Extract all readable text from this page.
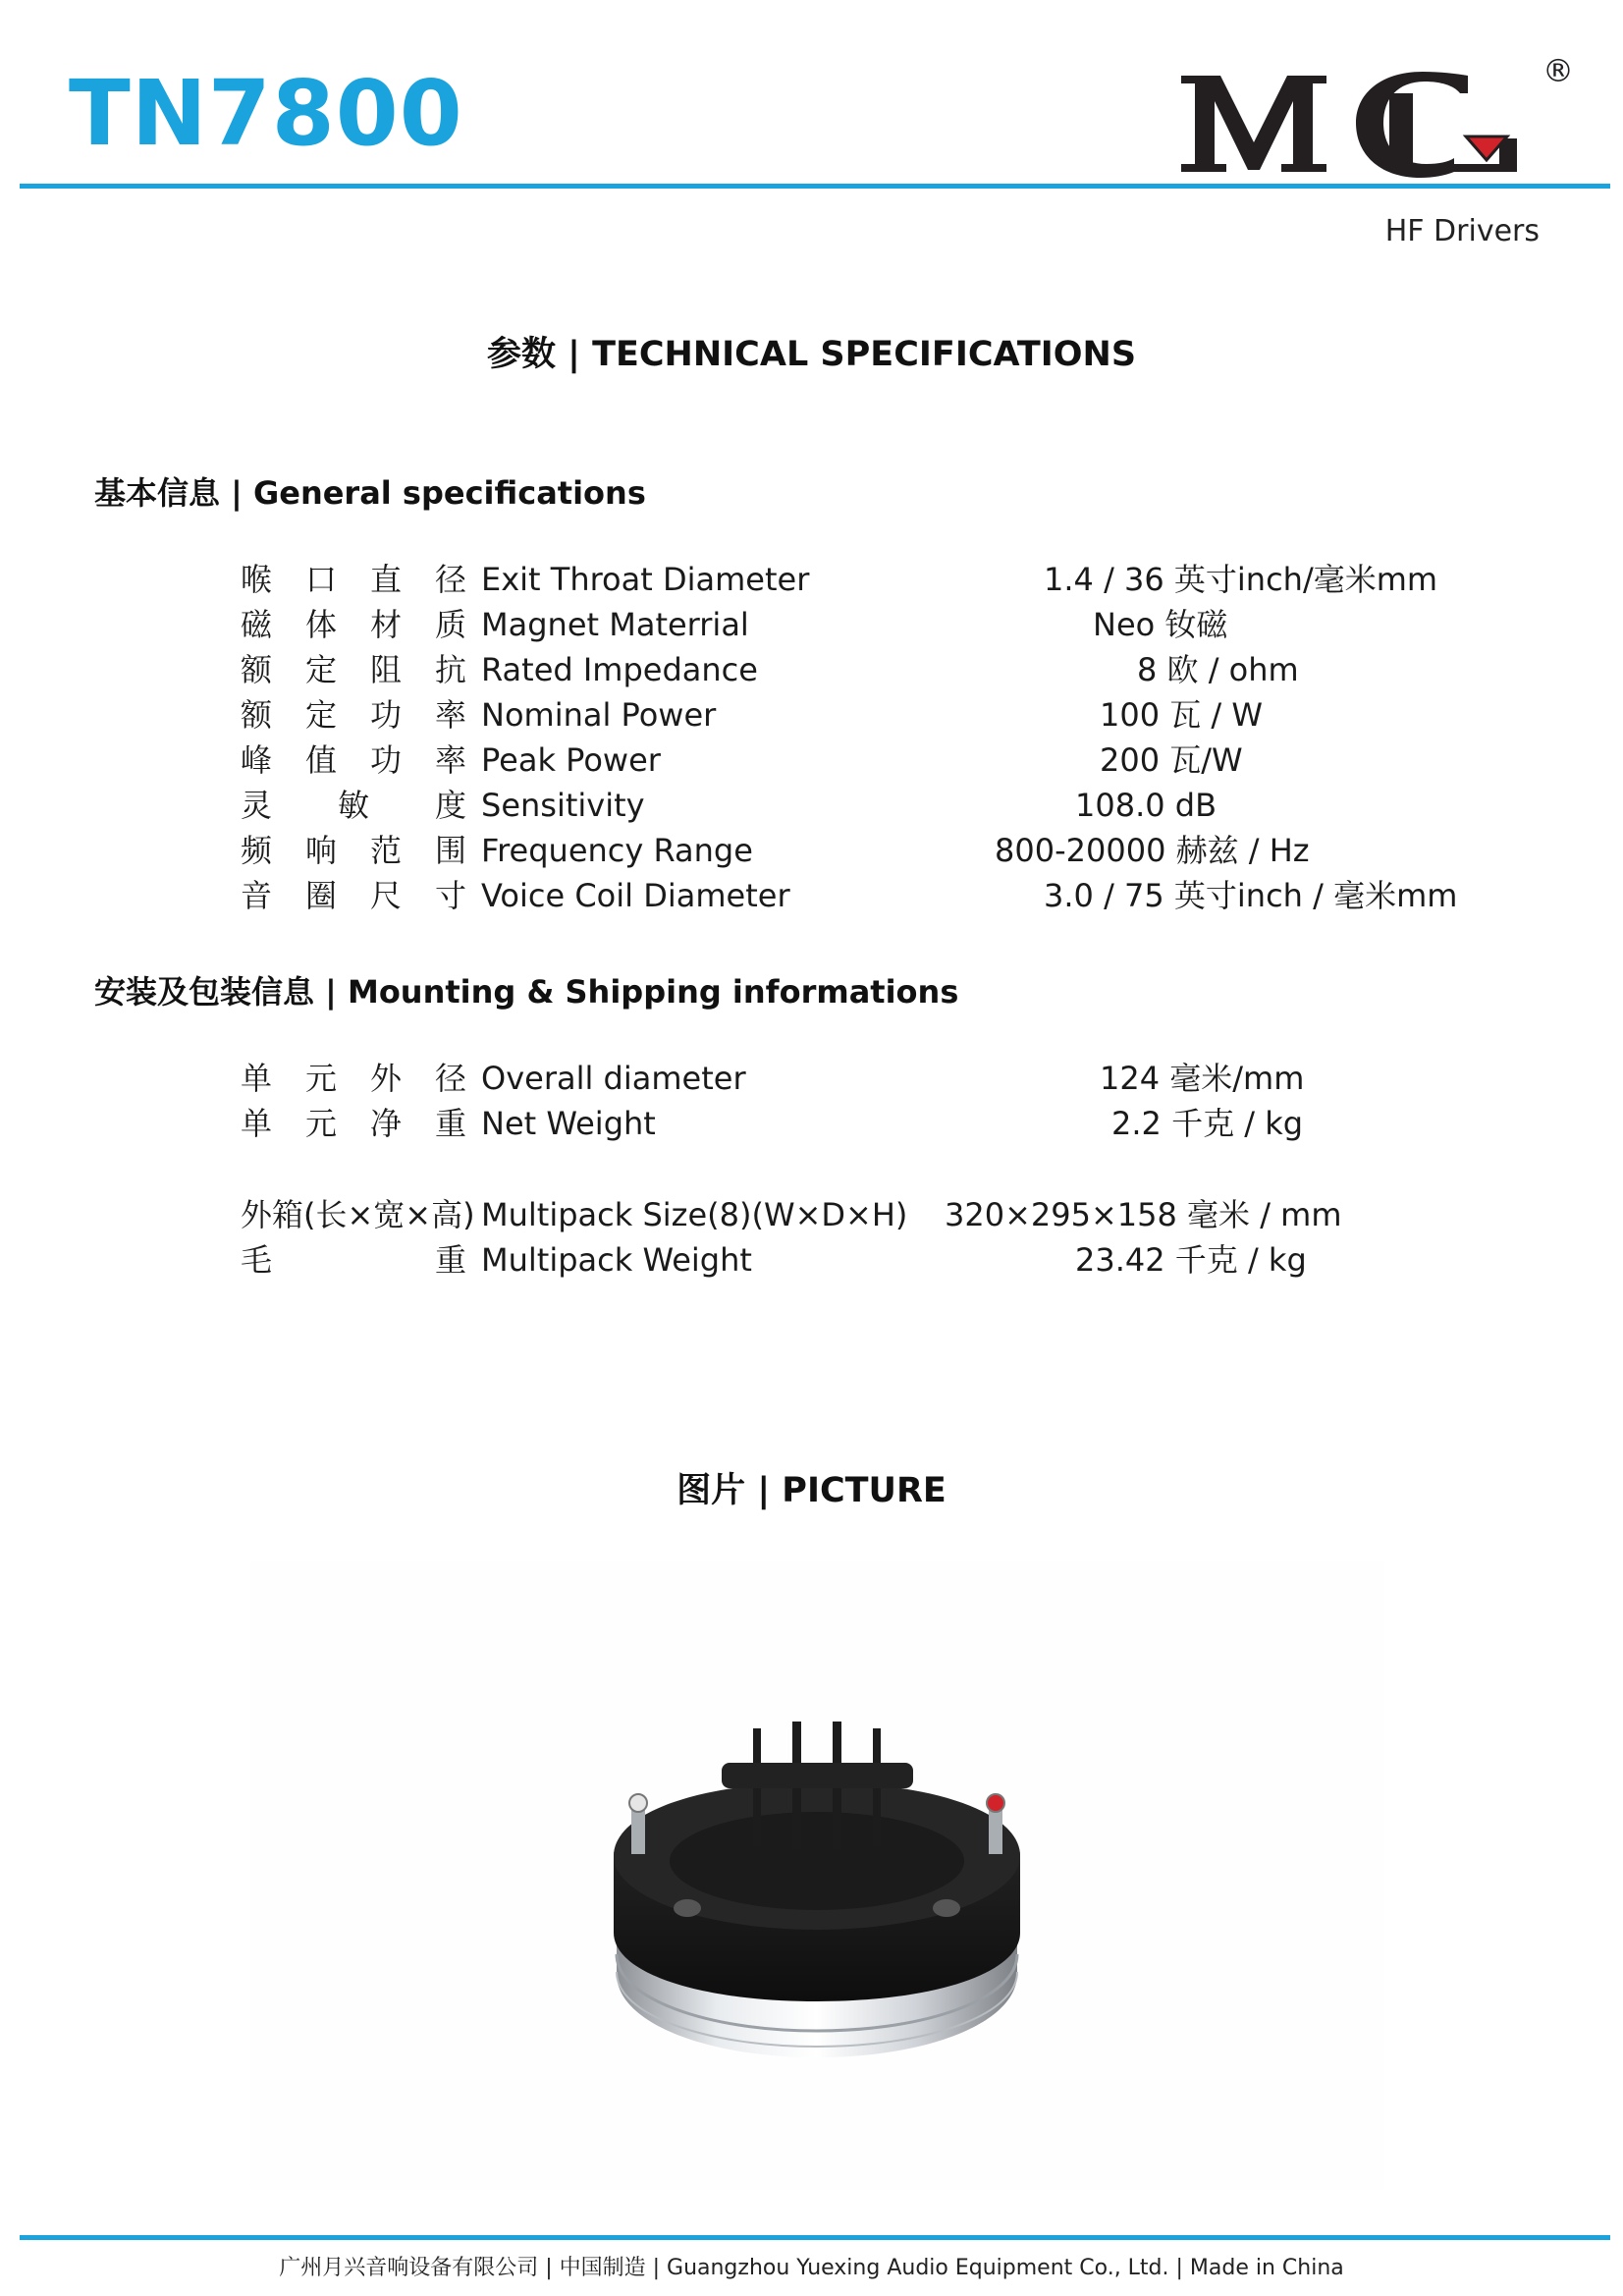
TN7800	®
HF Drivers
参数 | TECHNICAL SPECIFICATIONS
基本信息 | General specifications
喉口直径 Exit Throat Diameter	1.4 / 36 英寸inch/毫米mm
磁体材质 Magnet Materrial	Neo 钕磁
额定阻抗 Rated Impedance	8 欧 / ohm
额定功率 Nominal Power	100 瓦 / W
峰值功率 Peak Power	200 瓦/W
灵敏度 Sensitivity	108.0 dB
频响范围 Frequency Range	800-20000 赫兹 / Hz
音圈尺寸 Voice Coil Diameter	3.0 / 75 英寸inch / 毫米mm
安装及包装信息 | Mounting & Shipping informations
单元外径 Overall diameter	124 毫米/mm
单元净重 Net Weight	2.2 千克 / kg
外箱(长×宽×高) Multipack Size(8)(W×D×H) 320×295×158 毫米 / mm
毛重 Multipack Weight	23.42 千克 / kg
图片 | PICTURE
广州月兴音响设备有限公司 | 中国制造 | Guangzhou Yuexing Audio Equipment Co., Ltd. | Made in China
